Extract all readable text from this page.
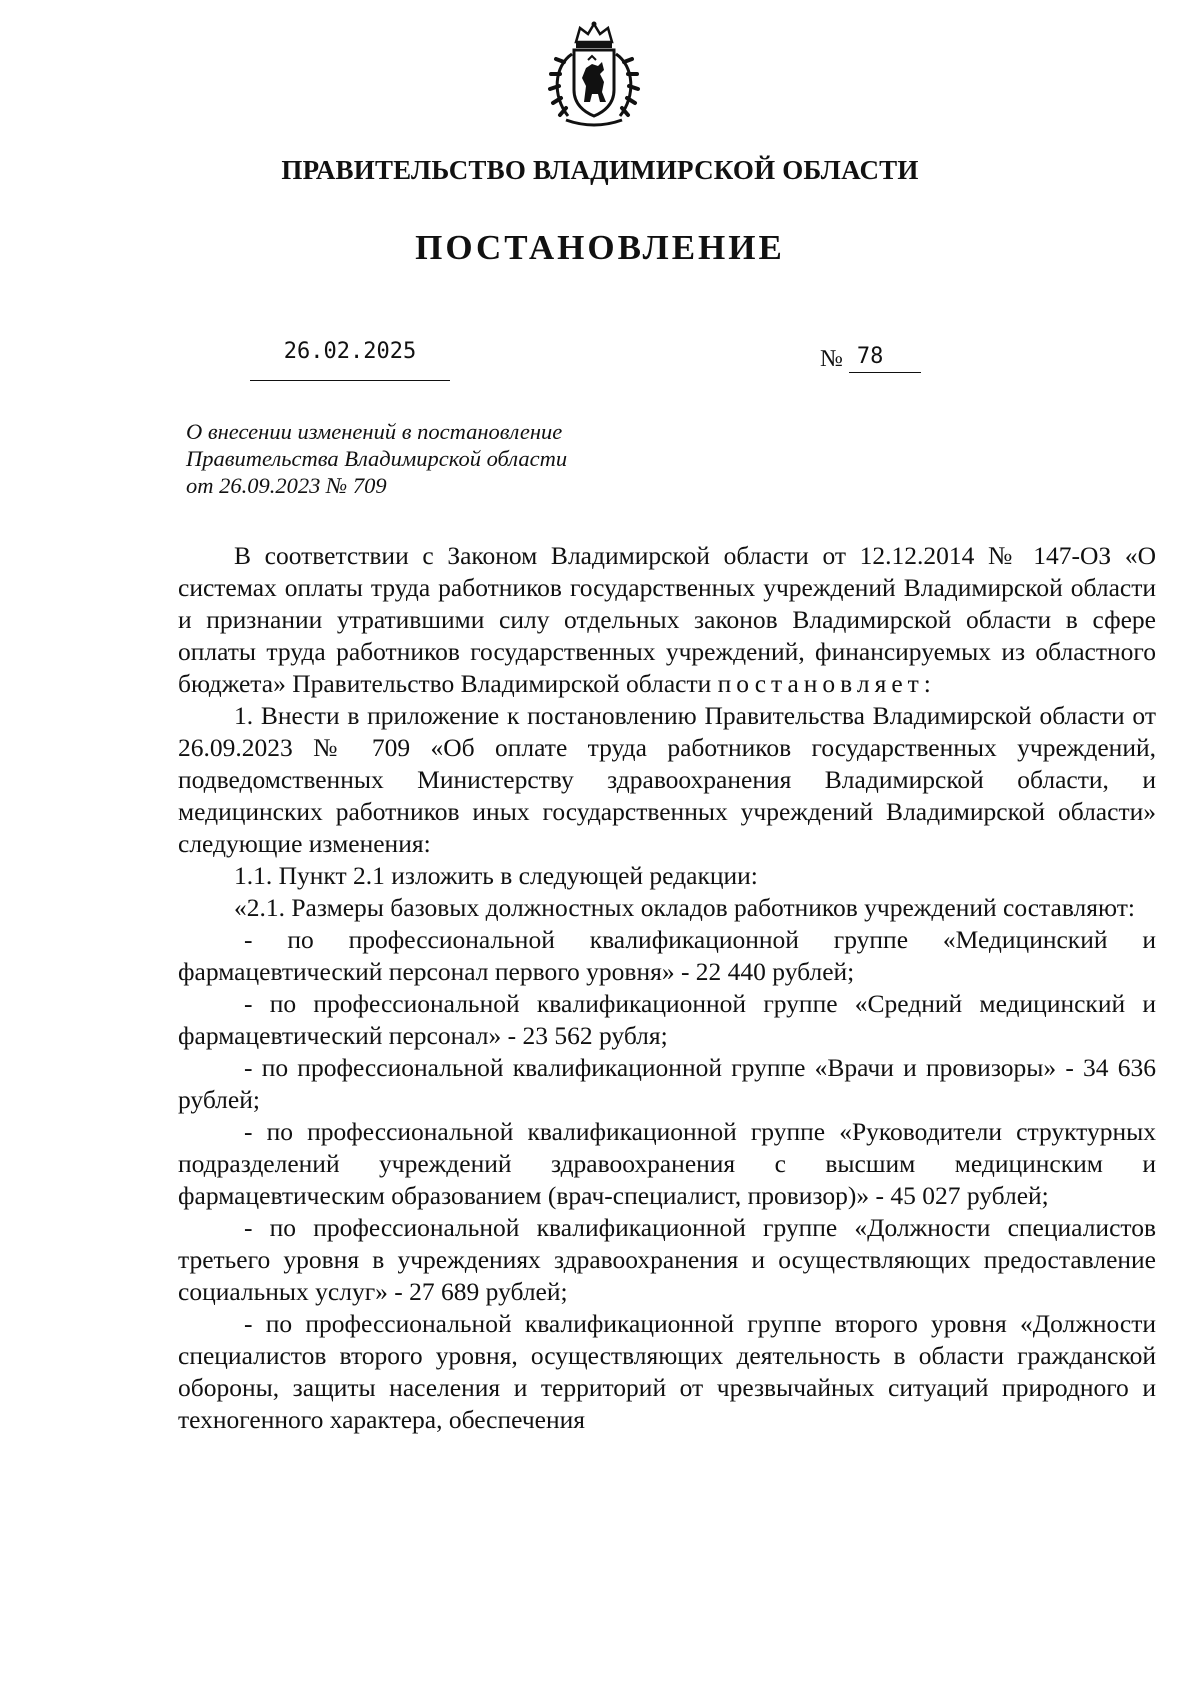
ПРАВИТЕЛЬСТВО ВЛАДИМИРСКОЙ ОБЛАСТИ
ПОСТАНОВЛЕНИЕ
26.02.2025	№ 78
О внесении изменений в постановление
Правительства Владимирской области
от 26.09.2023 № 709

В соответствии с Законом Владимирской области от 12.12.2014 № 147-ОЗ «О системах оплаты труда работников государственных учреждений Владимирской области и признании утратившими силу отдельных законов Владимирской области в сфере оплаты труда работников государственных учреждений, финансируемых из областного бюджета» Правительство Владимирской области постановляет:

1. Внести в приложение к постановлению Правительства Владимирской области от 26.09.2023 № 709 «Об оплате труда работников государственных учреждений, подведомственных Министерству здравоохранения Владимирской области, и медицинских работников иных государственных учреждений Владимирской области» следующие изменения:

1.1. Пункт 2.1 изложить в следующей редакции:

«2.1. Размеры базовых должностных окладов работников учреждений составляют:

- по профессиональной квалификационной группе «Медицинский и фармацевтический персонал первого уровня» - 22 440 рублей;

- по профессиональной квалификационной группе «Средний медицинский и фармацевтический персонал» - 23 562 рубля;

- по профессиональной квалификационной группе «Врачи и провизоры» - 34 636 рублей;

- по профессиональной квалификационной группе «Руководители структурных подразделений учреждений здравоохранения с высшим медицинским и фармацевтическим образованием (врач-специалист, провизор)» - 45 027 рублей;

- по профессиональной квалификационной группе «Должности специалистов третьего уровня в учреждениях здравоохранения и осуществляющих предоставление социальных услуг» - 27 689 рублей;

- по профессиональной квалификационной группе второго уровня «Должности специалистов второго уровня, осуществляющих деятельность в области гражданской обороны, защиты населения и территорий от чрезвычайных ситуаций природного и техногенного характера, обеспечения
